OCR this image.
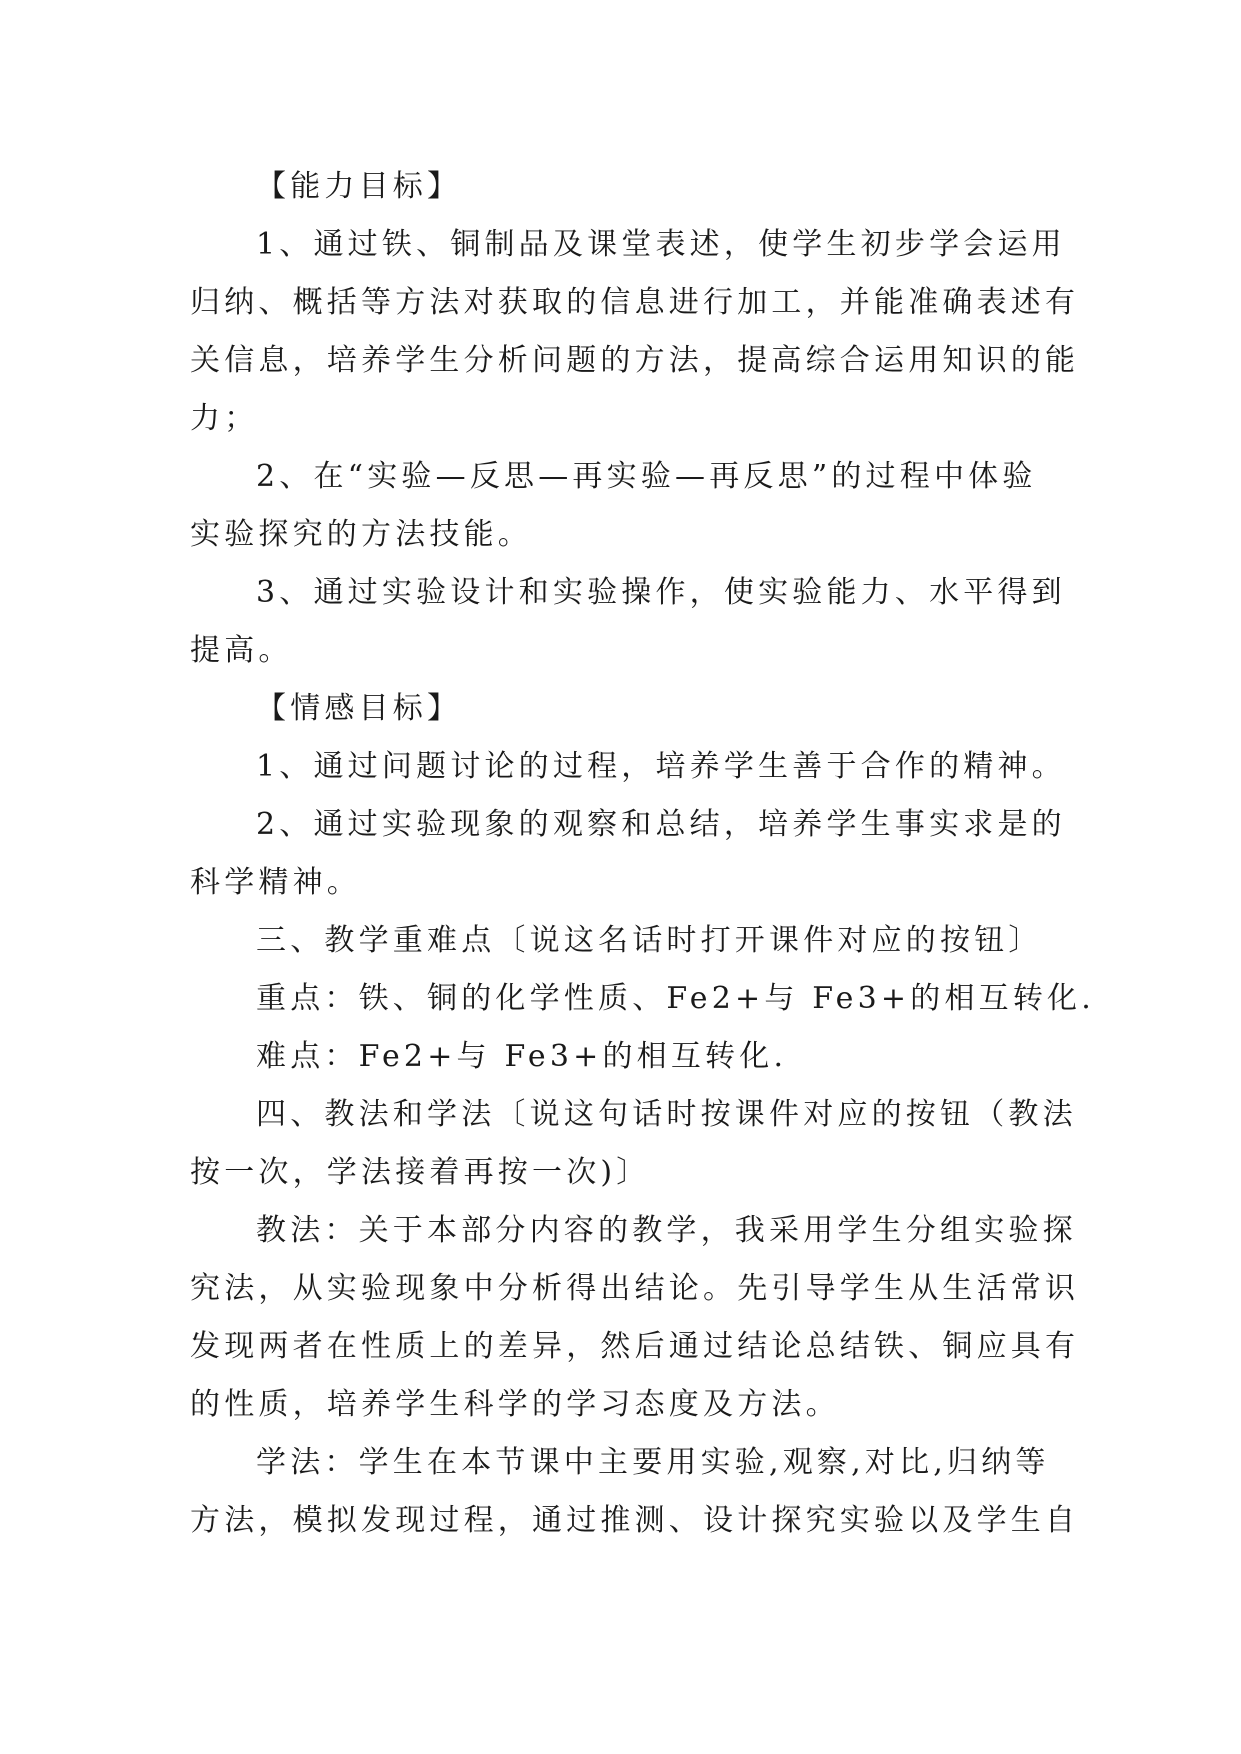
【能力目标】
1、通过铁、铜制品及课堂表述，使学生初步学会运用
归纳、概括等方法对获取的信息进行加工，并能准确表述有
关信息，培养学生分析问题的方法，提高综合运用知识的能
力；
2、在“实验—反思—再实验—再反思”的过程中体验
实验探究的方法技能。
3、通过实验设计和实验操作，使实验能力、水平得到
提高。
【情感目标】
1、通过问题讨论的过程，培养学生善于合作的精神。
2、通过实验现象的观察和总结，培养学生事实求是的
科学精神。
三、教学重难点〔说这名话时打开课件对应的按钮〕
重点：铁、铜的化学性质、Fe2+与 Fe3+的相互转化.
难点：Fe2+与 Fe3+的相互转化.
四、教法和学法〔说这句话时按课件对应的按钮（教法
按一次，学法接着再按一次)〕
教法：关于本部分内容的教学，我采用学生分组实验探
究法，从实验现象中分析得出结论。先引导学生从生活常识
发现两者在性质上的差异，然后通过结论总结铁、铜应具有
的性质，培养学生科学的学习态度及方法。
学法：学生在本节课中主要用实验,观察,对比,归纳等
方法，模拟发现过程，通过推测、设计探究实验以及学生自
